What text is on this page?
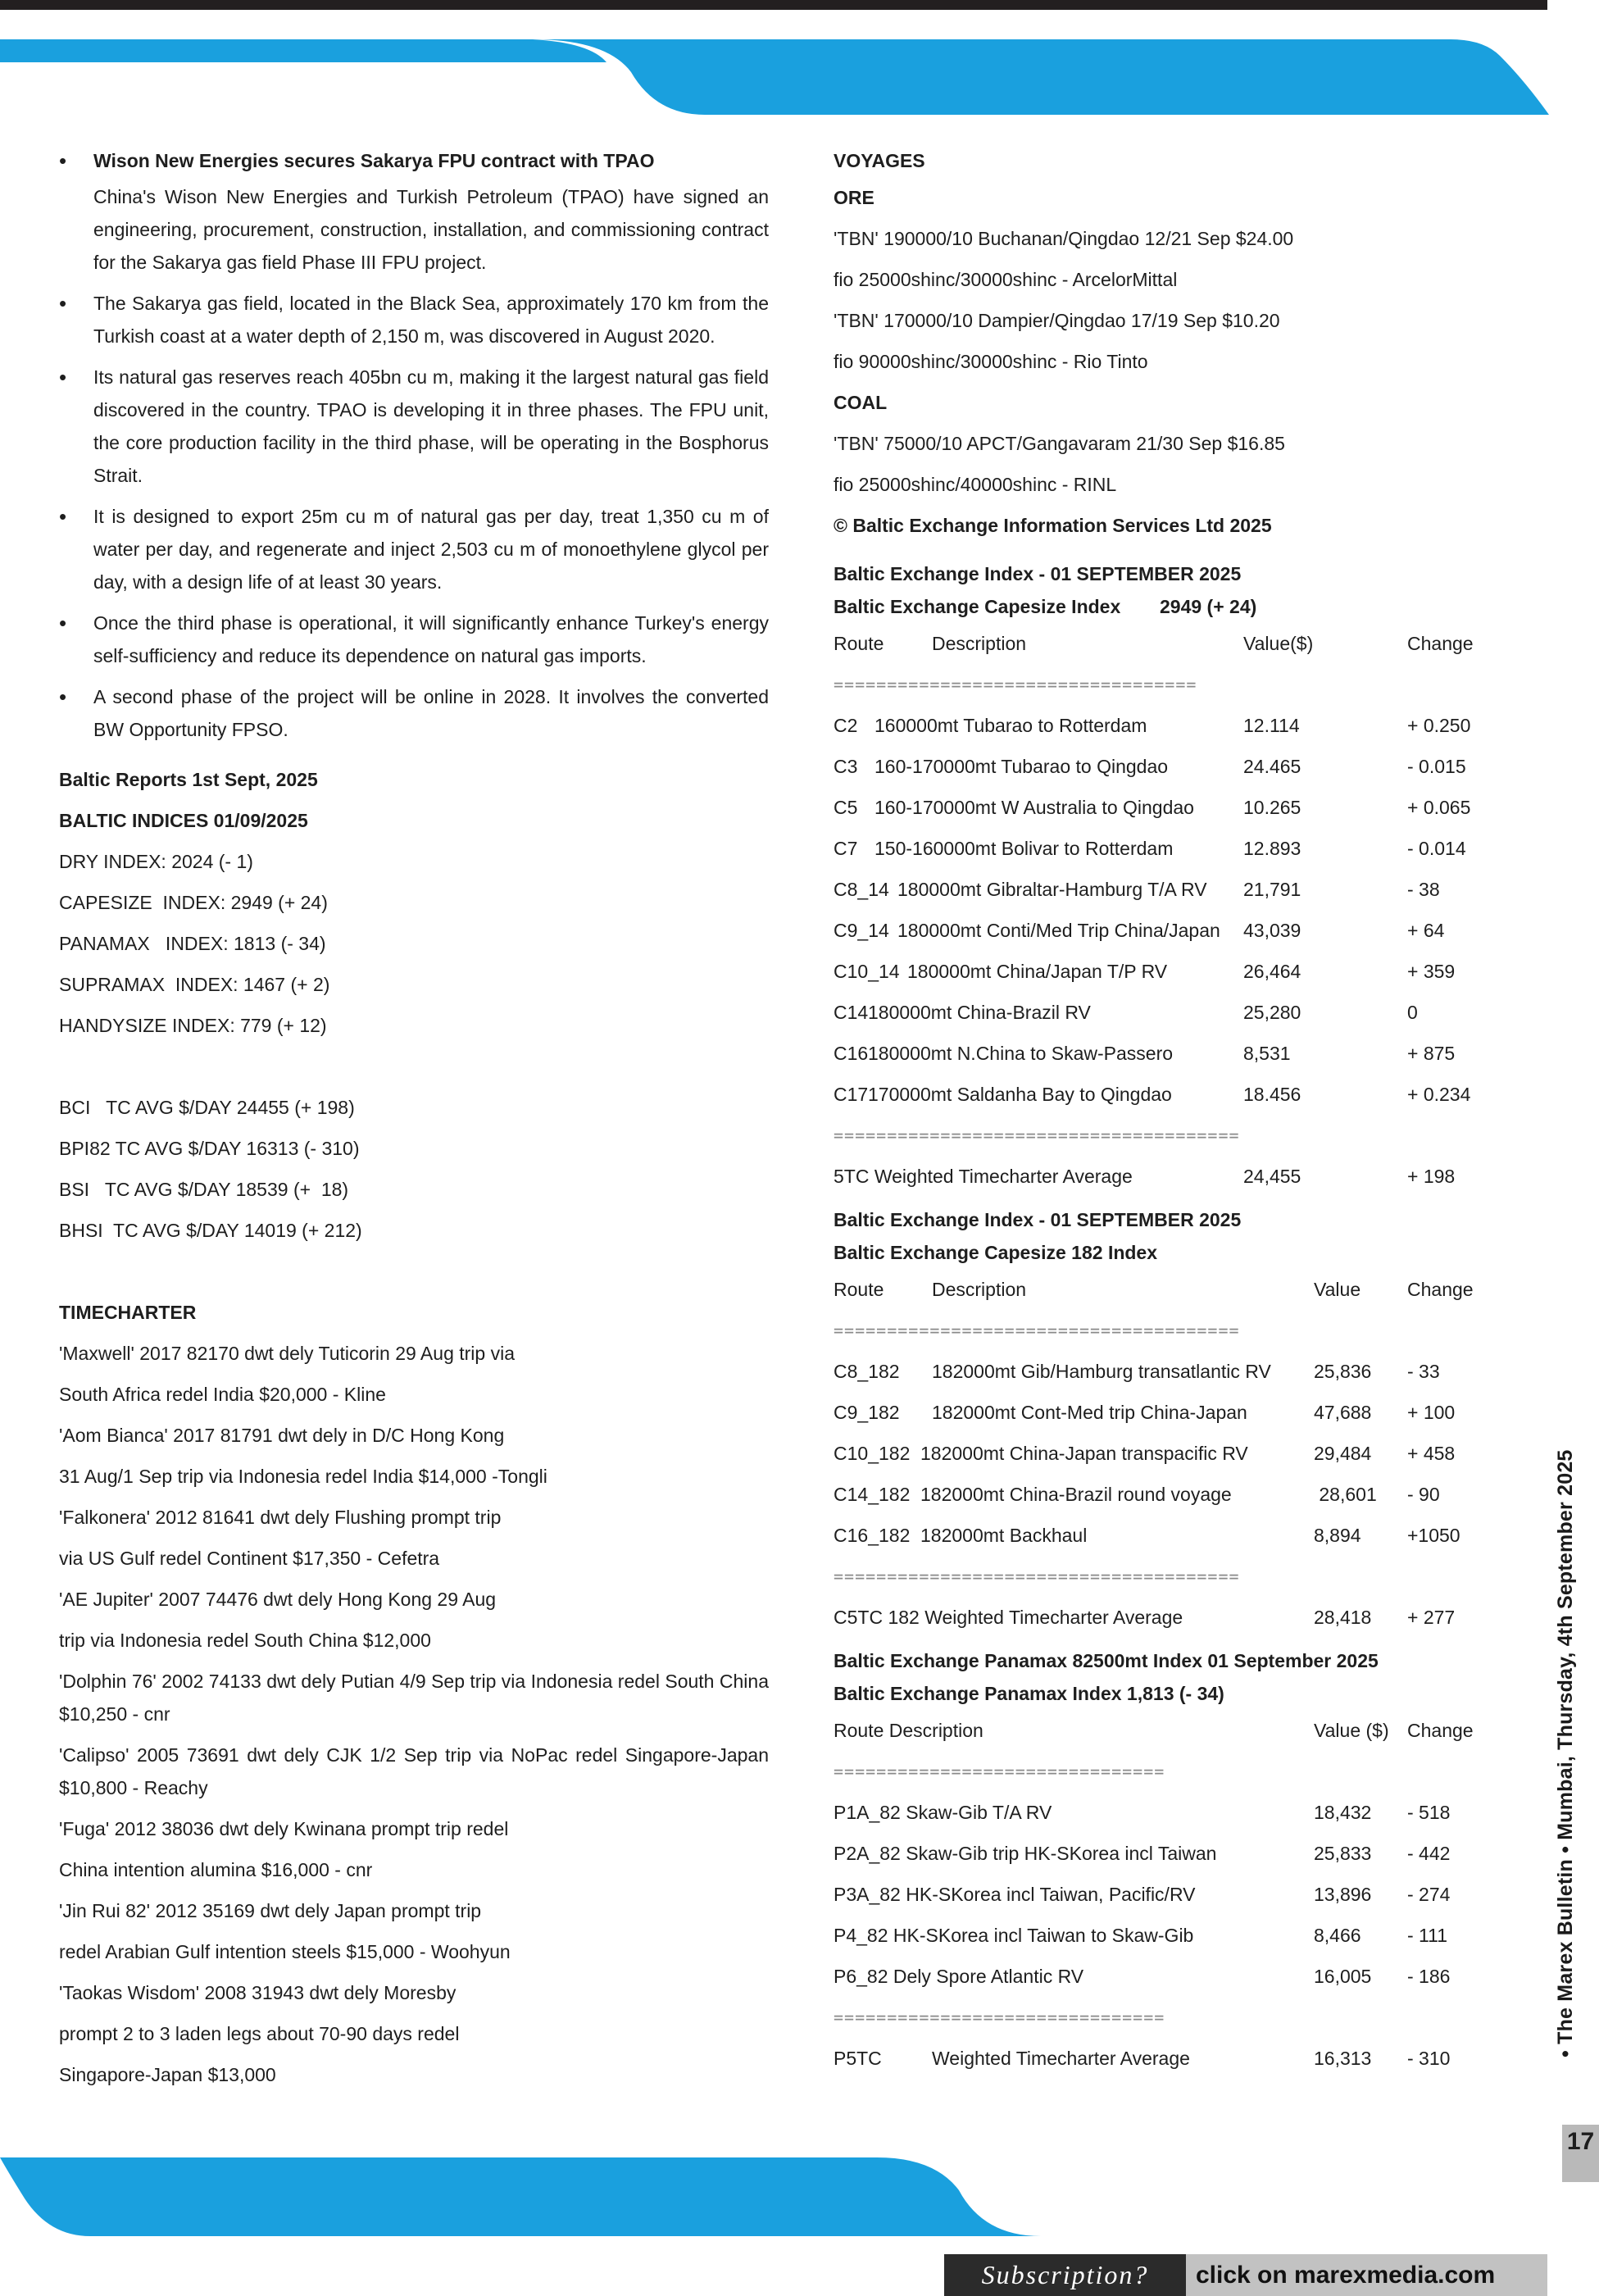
• The Marex Bulletin • Mumbai, Thursday, 4th September 2025
17
Subscription?	click on marexmedia.com
• Wison New Energies secures Sakarya FPU contract with TPAO
China's Wison New Energies and Turkish Petroleum (TPAO) have signed an engineering, procurement, construction, installation, and commissioning contract for the Sakarya gas field Phase III FPU project.
• The Sakarya gas field, located in the Black Sea, approximately 170 km from the Turkish coast at a water depth of 2,150 m, was discovered in August 2020.
• Its natural gas reserves reach 405bn cu m, making it the largest natural gas field discovered in the country. TPAO is developing it in three phases. The FPU unit, the core production facility in the third phase, will be operating in the Bosphorus Strait.
• It is designed to export 25m cu m of natural gas per day, treat 1,350 cu m of water per day, and regenerate and inject 2,503 cu m of monoethylene glycol per day, with a design life of at least 30 years.
• Once the third phase is operational, it will significantly enhance Turkey's energy self-sufficiency and reduce its dependence on natural gas imports.
• A second phase of the project will be online in 2028. It involves the converted BW Opportunity FPSO.
Baltic Reports 1st Sept, 2025
BALTIC INDICES 01/09/2025
DRY INDEX: 2024 (- 1)
CAPESIZE  INDEX: 2949 (+ 24)
PANAMAX   INDEX: 1813 (- 34)
SUPRAMAX  INDEX: 1467 (+ 2)
HANDYSIZE INDEX: 779 (+ 12)
BCI   TC AVG $/DAY 24455 (+ 198)
BPI82 TC AVG $/DAY 16313 (- 310)
BSI   TC AVG $/DAY 18539 (+  18)
BHSI  TC AVG $/DAY 14019 (+ 212)
TIMECHARTER
'Maxwell' 2017 82170 dwt dely Tuticorin 29 Aug trip via
South Africa redel India $20,000 - Kline
'Aom Bianca' 2017 81791 dwt dely in D/C Hong Kong
31 Aug/1 Sep trip via Indonesia redel India $14,000 -Tongli
'Falkonera' 2012 81641 dwt dely Flushing prompt trip
via US Gulf redel Continent $17,350 - Cefetra
'AE Jupiter' 2007 74476 dwt dely Hong Kong 29 Aug
trip via Indonesia redel South China $12,000
'Dolphin 76' 2002 74133 dwt dely Putian 4/9 Sep trip via Indonesia redel South China $10,250 - cnr
'Calipso' 2005 73691 dwt dely CJK 1/2 Sep trip via NoPac redel Singapore-Japan $10,800 - Reachy
'Fuga' 2012 38036 dwt dely Kwinana prompt trip redel
China intention alumina $16,000 - cnr
'Jin Rui 82' 2012 35169 dwt dely Japan prompt trip
redel Arabian Gulf intention steels $15,000 - Woohyun
'Taokas Wisdom' 2008 31943 dwt dely Moresby
prompt 2 to 3 laden legs about 70-90 days redel
Singapore-Japan $13,000
VOYAGES
ORE
'TBN' 190000/10 Buchanan/Qingdao 12/21 Sep $24.00
fio 25000shinc/30000shinc - ArcelorMittal
'TBN' 170000/10 Dampier/Qingdao 17/19 Sep $10.20
fio 90000shinc/30000shinc - Rio Tinto
COAL
'TBN' 75000/10 APCT/Gangavaram 21/30 Sep $16.85
fio 25000shinc/40000shinc - RINL
© Baltic Exchange Information Services Ltd 2025
Baltic Exchange Index - 01 SEPTEMBER 2025
Baltic Exchange Capesize Index	2949 (+ 24)
Route	Description	Value($)	Change
==================================
C2 160000mt Tubarao to Rotterdam	12.114	+ 0.250
C3 160-170000mt Tubarao to Qingdao	24.465	- 0.015
C5 160-170000mt W Australia to Qingdao	10.265	+ 0.065
C7 150-160000mt Bolivar to Rotterdam	12.893	- 0.014
C8_14 180000mt Gibraltar-Hamburg T/A RV	21,791	- 38
C9_14 180000mt Conti/Med Trip China/Japan	43,039	+ 64
C10_14 180000mt China/Japan T/P RV	26,464	+ 359
C14 180000mt China-Brazil RV	25,280	0
C16 180000mt N.China to Skaw-Passero	8,531	+ 875
C17 170000mt Saldanha Bay to Qingdao	18.456	+ 0.234
======================================
5TC Weighted Timecharter Average	24,455	+ 198
Baltic Exchange Index - 01 SEPTEMBER 2025
Baltic Exchange Capesize 182 Index
Route	Description	Value	Change
======================================
C8_182	182000mt Gib/Hamburg transatlantic RV	25,836	- 33
C9_182	182000mt Cont-Med trip China-Japan	47,688	+ 100
C10_182 182000mt China-Japan transpacific RV	29,484	+ 458
C14_182 182000mt China-Brazil round voyage	28,601	- 90
C16_182 182000mt Backhaul	8,894	+1050
======================================
C5TC 182 Weighted Timecharter Average	28,418	+ 277
Baltic Exchange Panamax 82500mt Index 01 September 2025
Baltic Exchange Panamax Index 1,813 (- 34)
Route Description	Value ($) Change
===============================
P1A_82 Skaw-Gib T/A RV	18,432	- 518
P2A_82 Skaw-Gib trip HK-SKorea incl Taiwan	25,833	- 442
P3A_82 HK-SKorea incl Taiwan, Pacific/RV	13,896	- 274
P4_82 HK-SKorea incl Taiwan to Skaw-Gib	8,466	- 111
P6_82 Dely Spore Atlantic RV	16,005	- 186
===============================
P5TC	Weighted Timecharter Average	16,313	- 310
